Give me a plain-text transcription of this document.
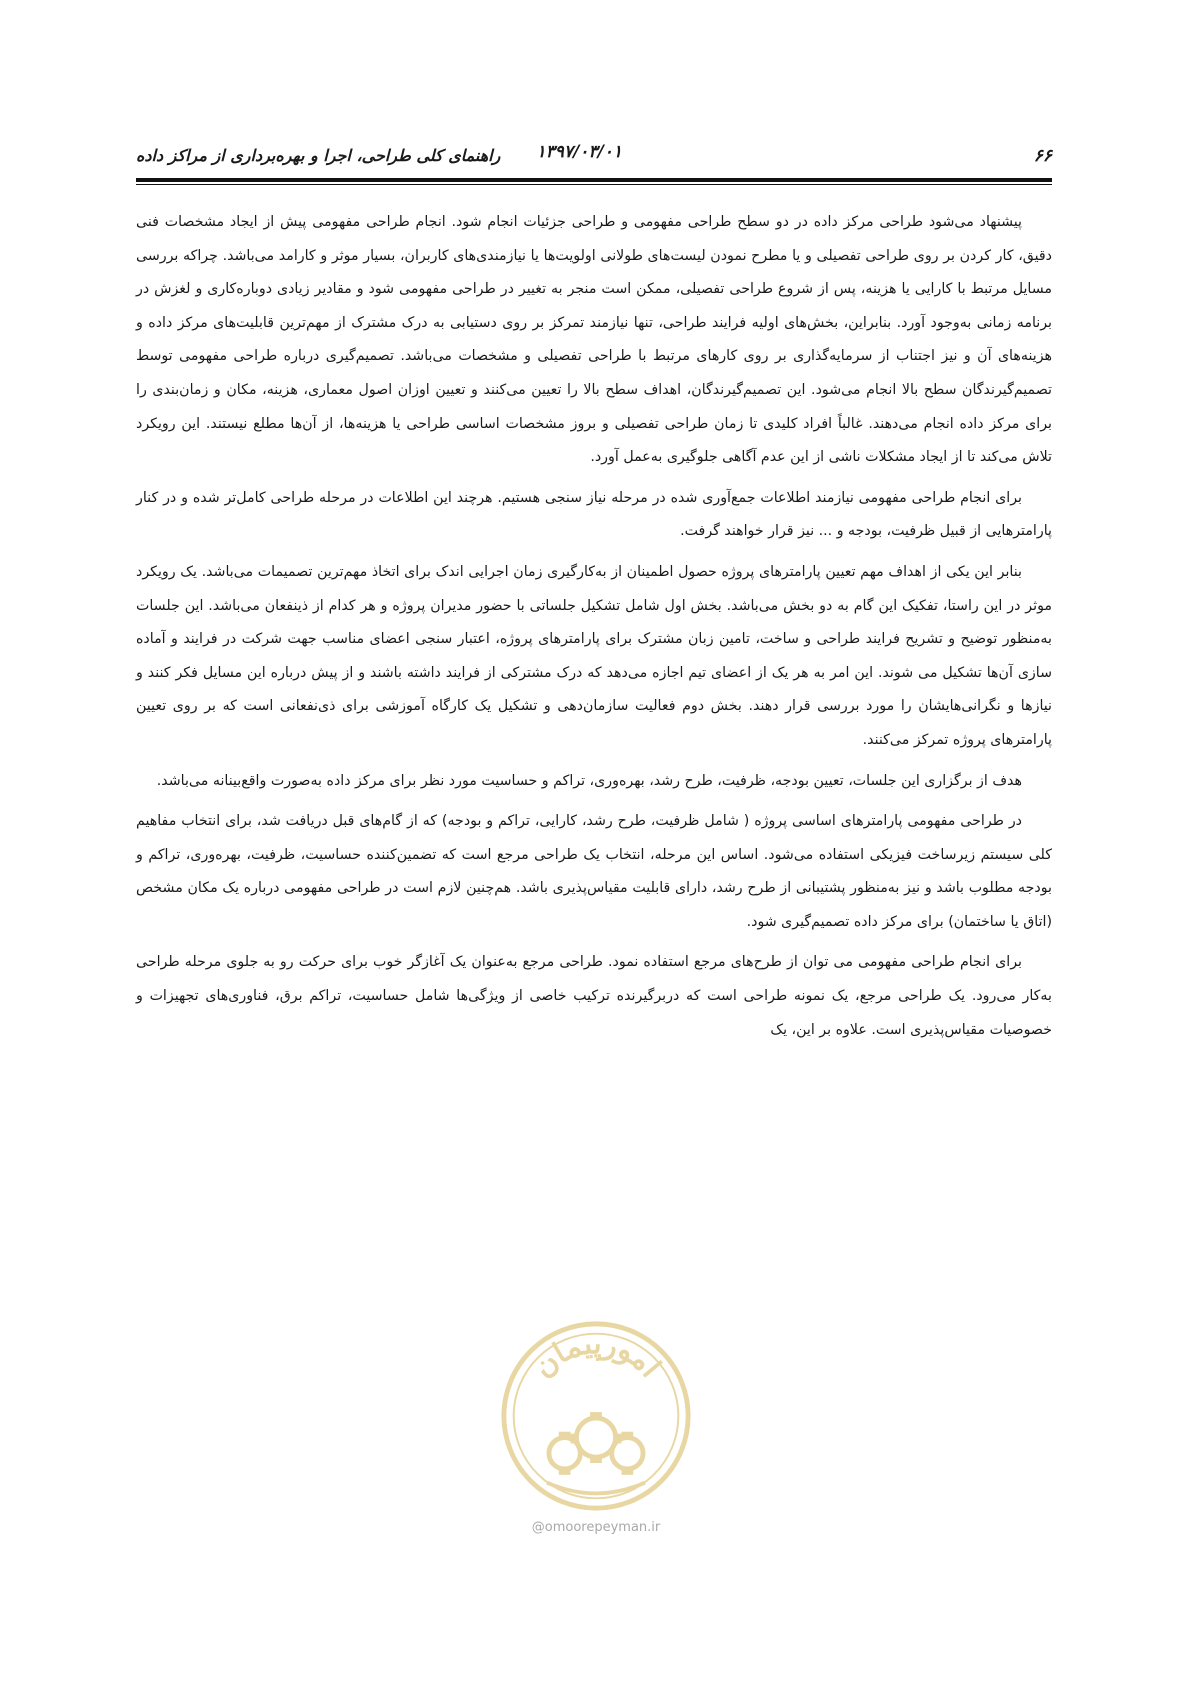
۶۶
۱۳۹۷/۰۳/۰۱
راهنمای کلی طراحی، اجرا و بهره‌برداری از مراکز داده

پیشنهاد می‌شود طراحی مرکز داده در دو سطح طراحی مفهومی و طراحی جزئیات انجام شود. انجام طراحی مفهومی پیش از ایجاد مشخصات فنی دقیق، کار کردن بر روی طراحی تفصیلی و یا مطرح نمودن لیست‌های طولانی اولویت‌ها یا نیازمندی‌های کاربران، بسیار موثر و کارامد می‌باشد. چراکه بررسی مسایل مرتبط با کارایی یا هزینه، پس از شروع طراحی تفصیلی، ممکن است منجر به تغییر در طراحی مفهومی شود و مقادیر زیادی دوباره‌کاری و لغزش در برنامه زمانی به‌وجود آورد. بنابراین، بخش‌های اولیه فرایند طراحی، تنها نیازمند تمرکز بر روی دستیابی به درک مشترک از مهم‌ترین قابلیت‌های مرکز داده و هزینه‌های آن و نیز اجتناب از سرمایه‌گذاری بر روی کارهای مرتبط با طراحی تفصیلی و مشخصات می‌باشد. تصمیم‌گیری درباره طراحی مفهومی توسط تصمیم‌گیرندگان سطح بالا انجام می‌شود. این تصمیم‌گیرندگان، اهداف سطح بالا را تعیین می‌کنند و تعیین اوزان اصول معماری، هزینه، مکان و زمان‌بندی را برای مرکز داده انجام می‌دهند. غالباً افراد کلیدی تا زمان طراحی تفصیلی و بروز مشخصات اساسی طراحی یا هزینه‌ها، از آن‌ها مطلع نیستند. این رویکرد تلاش می‌کند تا از ایجاد مشکلات ناشی از این عدم آگاهی جلوگیری به‌عمل آورد.

برای انجام طراحی مفهومی نیازمند اطلاعات جمع‌آوری شده در مرحله نیاز سنجی هستیم. هرچند این اطلاعات در مرحله طراحی کامل‌تر شده و در کنار پارامترهایی از قبیل ظرفیت، بودجه و ... نیز قرار خواهند گرفت.

بنابر این یکی از اهداف مهم تعیین پارامترهای پروژه حصول اطمینان از به‌کارگیری زمان اجرایی اندک برای اتخاذ مهم‌ترین تصمیمات می‌باشد. یک رویکرد موثر در این راستا، تفکیک این گام به دو بخش می‌باشد. بخش اول شامل تشکیل جلساتی با حضور مدیران پروژه و هر کدام از ذینفعان می‌باشد. این جلسات به‌منظور توضیح و تشریح فرایند طراحی و ساخت، تامین زبان مشترک برای پارامترهای پروژه، اعتبار سنجی اعضای مناسب جهت شرکت در فرایند و آماده سازی آن‌ها تشکیل می شوند. این امر به هر یک از اعضای تیم اجازه می‌دهد که درک مشترکی از فرایند داشته باشند و از پیش درباره این مسایل فکر کنند و نیازها و نگرانی‌هایشان را مورد بررسی قرار دهند. بخش دوم فعالیت سازمان‌دهی و تشکیل یک کارگاه آموزشی برای ذی‌نفعانی است که بر روی تعیین پارامترهای پروژه تمرکز می‌کنند.

هدف از برگزاری این جلسات، تعیین بودجه، ظرفیت، طرح رشد، بهره‌وری، تراکم و حساسیت مورد نظر برای مرکز داده به‌صورت واقع‌بینانه می‌باشد.

در طراحی مفهومی پارامترهای اساسی پروژه ( شامل ظرفیت، طرح رشد، کارایی، تراکم و بودجه) که از گام‌های قبل دریافت شد، برای انتخاب مفاهیم کلی سیستم زیرساخت فیزیکی استفاده می‌شود. اساس این مرحله، انتخاب یک طراحی مرجع است که تضمین‌کننده حساسیت، ظرفیت، بهره‌وری، تراکم و بودجه مطلوب باشد و نیز به‌منظور پشتیبانی از طرح رشد، دارای قابلیت مقیاس‌پذیری باشد. هم‌چنین لازم است در طراحی مفهومی درباره یک مکان مشخص (اتاق یا ساختمان) برای مرکز داده تصمیم‌گیری شود.

برای انجام طراحی مفهومی می توان از طرح‌های مرجع استفاده نمود. طراحی مرجع به‌عنوان یک آغازگر خوب برای حرکت رو به جلوی مرحله طراحی به‌کار می‌رود. یک طراحی مرجع، یک نمونه طراحی است که دربرگیرنده ترکیب خاصی از ویژگی‌ها شامل حساسیت، تراکم برق، فناوری‌های تجهیزات و خصوصیات مقیاس‌پذیری است. علاوه بر این، یک

امورپیمان
@omoorepeyman.ir
